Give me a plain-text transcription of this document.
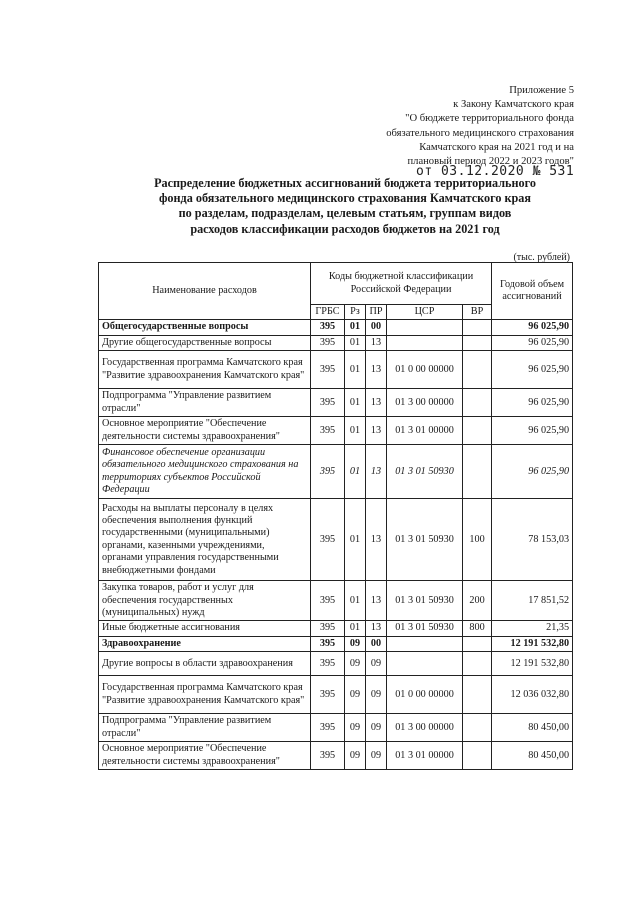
Приложение 5
к Закону Камчатского края
"О бюджете территориального фонда
обязательного медицинского страхования
Камчатского края на 2021 год и на
плановый период 2022 и 2023 годов"
от 03.12.2020 № 531
Распределение бюджетных ассигнований бюджета территориального
фонда обязательного медицинского страхования Камчатского края
по разделам, подразделам, целевым статьям, группам видов
расходов классификации расходов бюджетов на 2021 год
(тыс. рублей)
Наименование расходов	Коды бюджетной классификации Российской Федерации					Годовой объем ассигнований
	ГРБС	Рз	ПР	ЦСР	ВР	
Общегосударственные вопросы	395	01	00			96 025,90
Другие общегосударственные вопросы	395	01	13			96 025,90
Государственная программа Камчатского края "Развитие здравоохранения Камчатского края"	395	01	13	01 0 00 00000		96 025,90
Подпрограмма "Управление развитием отрасли"	395	01	13	01 3 00 00000		96 025,90
Основное мероприятие "Обеспечение деятельности системы здравоохранения"	395	01	13	01 3 01 00000		96 025,90
Финансовое обеспечение организации обязательного медицинского страхования на территориях субъектов Российской Федерации	395	01	13	01 3 01 50930		96 025,90
Расходы на выплаты персоналу в целях обеспечения выполнения функций государственными (муниципальными) органами, казенными учреждениями, органами управления государственными внебюджетными фондами	395	01	13	01 3 01 50930	100	78 153,03
Закупка товаров, работ и услуг для обеспечения государственных (муниципальных) нужд	395	01	13	01 3 01 50930	200	17 851,52
Иные бюджетные ассигнования	395	01	13	01 3 01 50930	800	21,35
Здравоохранение	395	09	00			12 191 532,80
Другие вопросы в области здравоохранения	395	09	09			12 191 532,80
Государственная программа Камчатского края "Развитие здравоохранения Камчатского края"	395	09	09	01 0 00 00000		12 036 032,80
Подпрограмма "Управление развитием отрасли"	395	09	09	01 3 00 00000		80 450,00
Основное мероприятие "Обеспечение деятельности системы здравоохранения"	395	09	09	01 3 01 00000		80 450,00
